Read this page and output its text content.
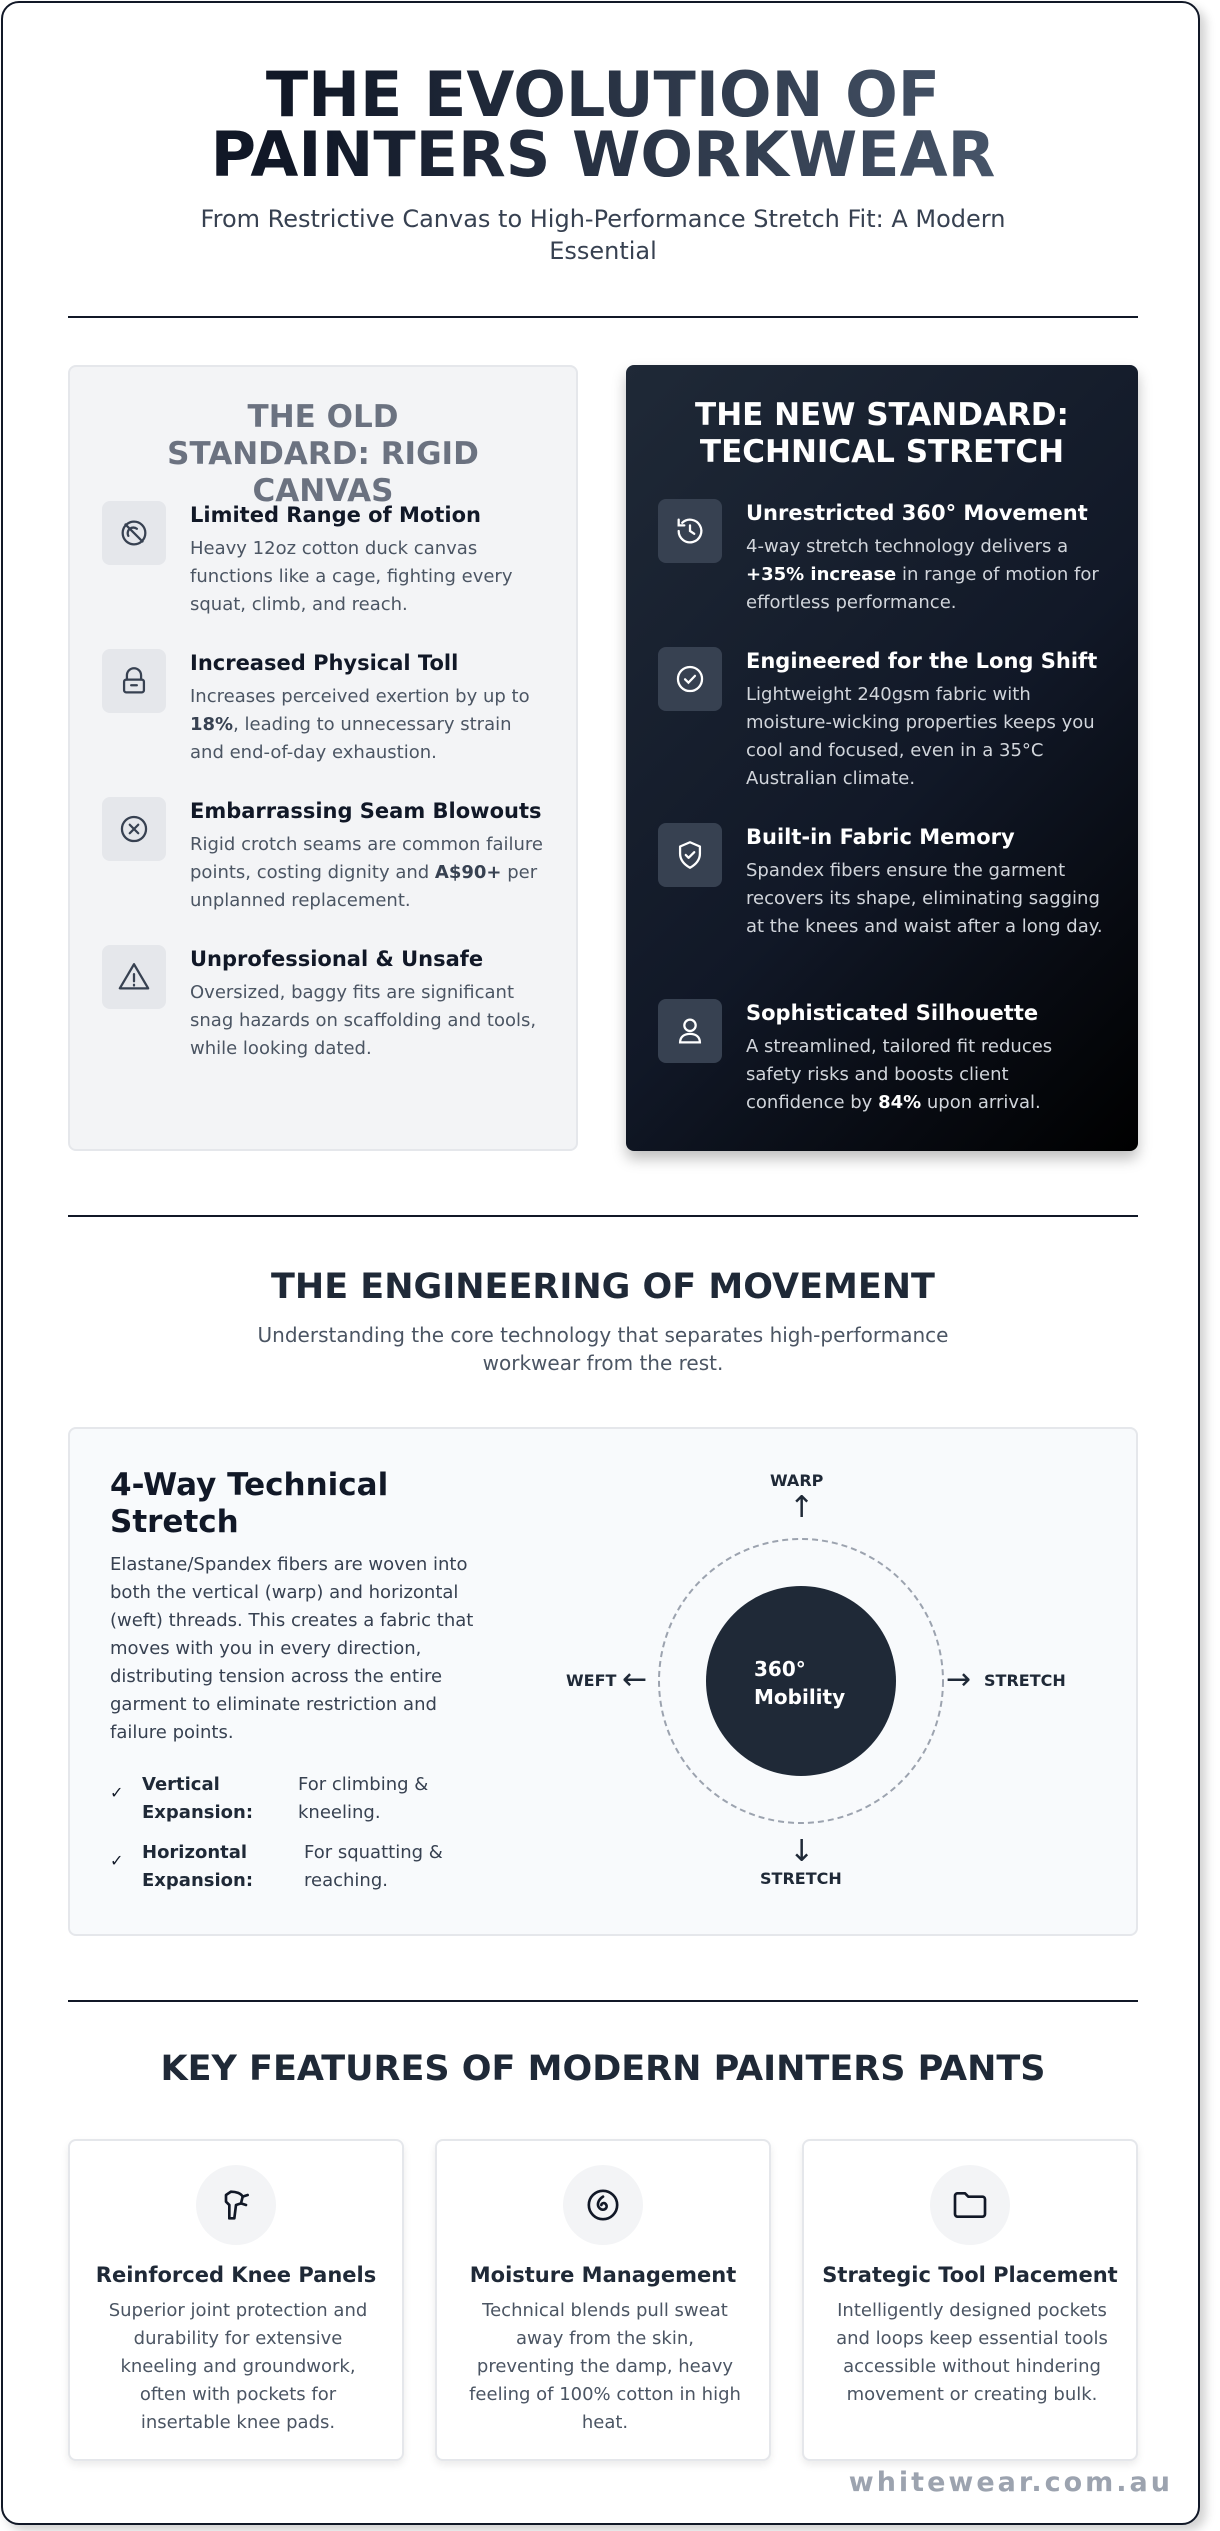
THE EVOLUTION OF PAINTERS WORKWEAR

From Restrictive Canvas to High-Performance Stretch Fit: A Modern Essential

THE OLD STANDARD: RIGID CANVAS
Limited Range of Motion
Heavy 12oz cotton duck canvas functions like a cage, fighting every squat, climb, and reach.
Increased Physical Toll
Increases perceived exertion by up to 18%, leading to unnecessary strain and end-of-day exhaustion.
Embarrassing Seam Blowouts
Rigid crotch seams are common failure points, costing dignity and A$90+ per unplanned replacement.
Unprofessional & Unsafe
Oversized, baggy fits are significant snag hazards on scaffolding and tools, while looking dated.
THE NEW STANDARD: TECHNICAL STRETCH
Unrestricted 360° Movement
4-way stretch technology delivers a +35% increase in range of motion for effortless performance.
Engineered for the Long Shift
Lightweight 240gsm fabric with moisture-wicking properties keeps you cool and focused, even in a 35°C Australian climate.
Built-in Fabric Memory
Spandex fibers ensure the garment recovers its shape, eliminating sagging at the knees and waist after a long day.
Sophisticated Silhouette
A streamlined, tailored fit reduces safety risks and boosts client confidence by 84% upon arrival.
THE ENGINEERING OF MOVEMENT

Understanding the core technology that separates high-performance workwear from the rest.

4-Way Technical Stretch

Elastane/Spandex fibers are woven into both the vertical (warp) and horizontal (weft) threads. This creates a fabric that moves with you in every direction, distributing tension across the entire garment to eliminate restriction and failure points.

✓ Vertical Expansion:
For climbing & kneeling.
✓ Horizontal Expansion:
For squatting & reaching.
360°
Mobility
WARP
↑
↓
STRETCH
WEFT ←	→ STRETCH
KEY FEATURES OF MODERN PAINTERS PANTS
Reinforced Knee Panels
Superior joint protection and durability for extensive kneeling and groundwork, often with pockets for insertable knee pads.
Moisture Management
Technical blends pull sweat away from the skin, preventing the damp, heavy feeling of 100% cotton in high heat.
Strategic Tool Placement
Intelligently designed pockets and loops keep essential tools accessible without hindering movement or creating bulk.
whitewear.com.au
